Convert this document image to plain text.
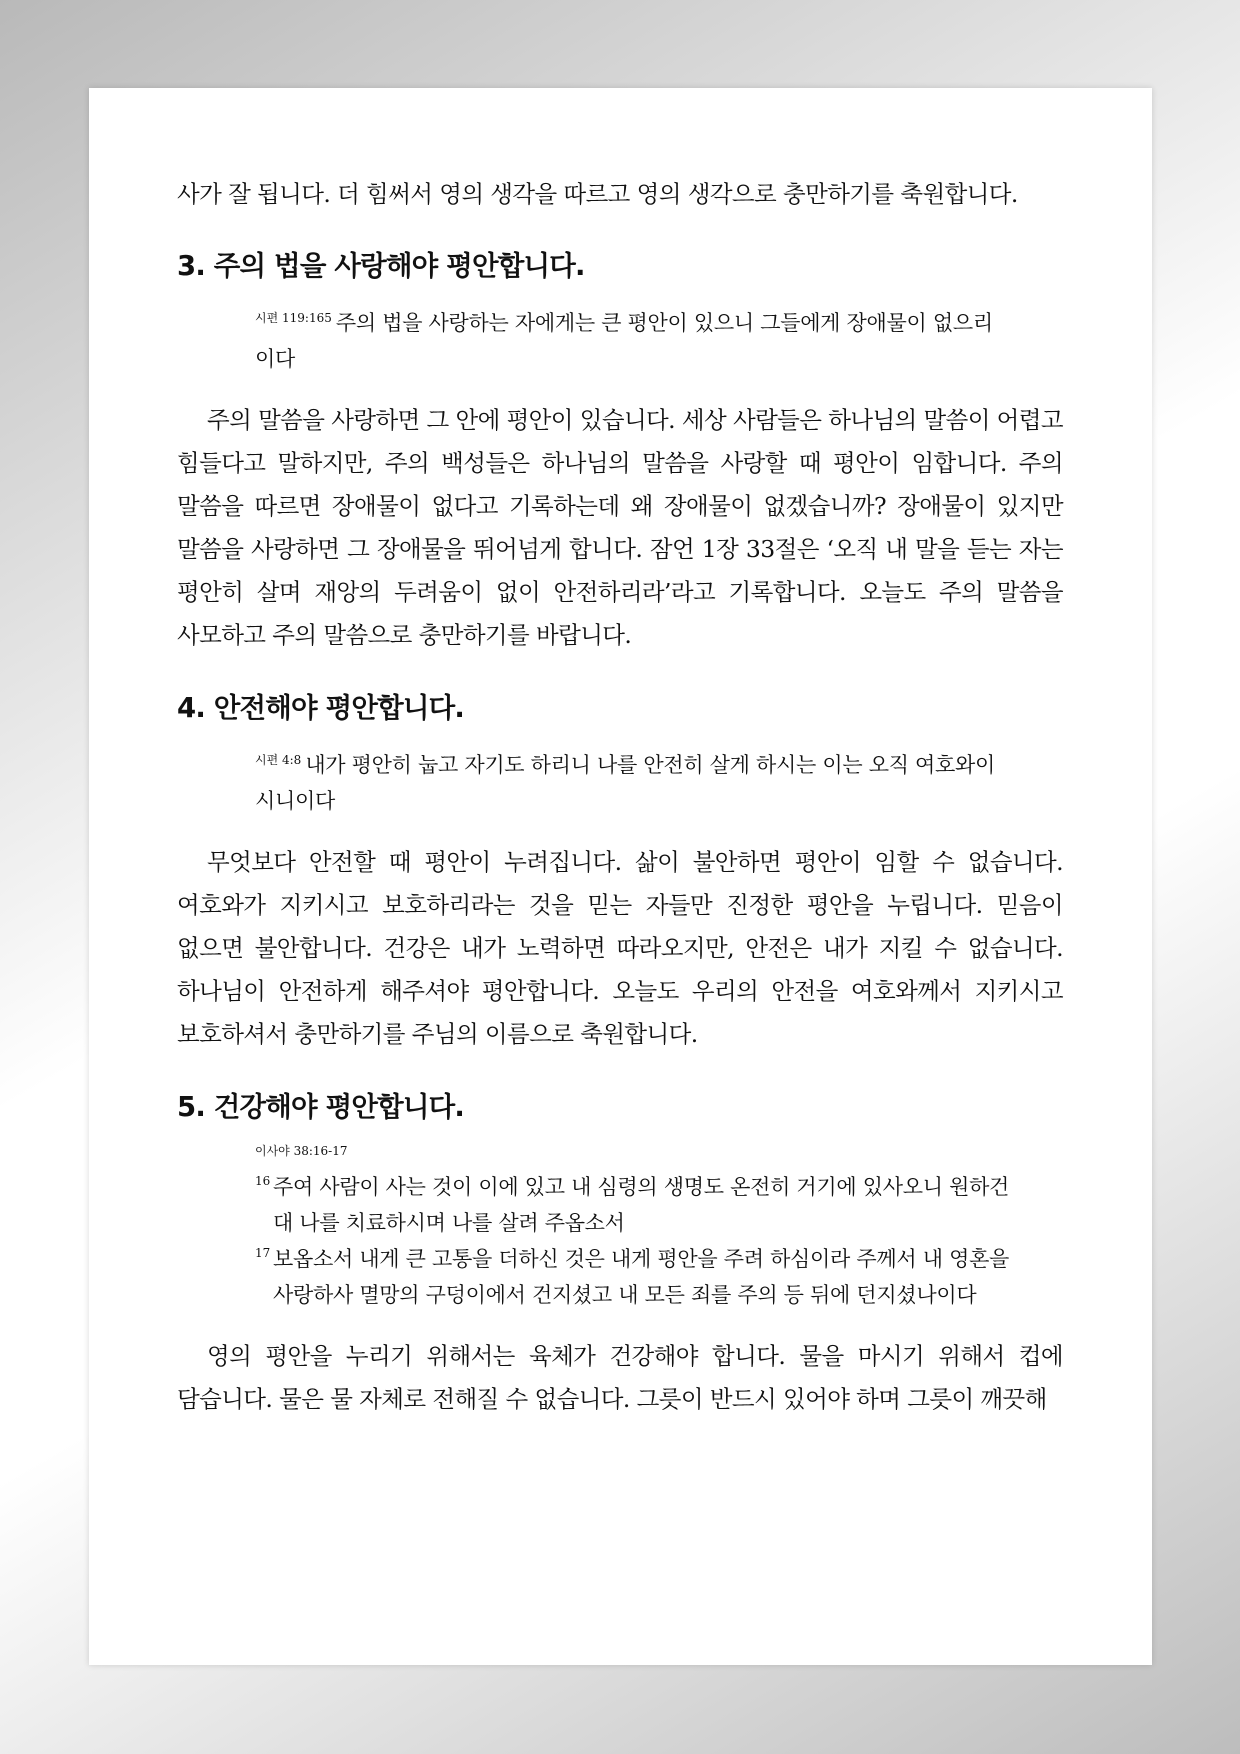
사가 잘 됩니다. 더 힘써서 영의 생각을 따르고 영의 생각으로 충만하기를 축원합니다.

3. 주의 법을 사랑해야 평안합니다.

$^{시편 119:165}$ 주의 법을 사랑하는 자에게는 큰 평안이 있으니 그들에게 장애물이 없으리이다

주의 말씀을 사랑하면 그 안에 평안이 있습니다. 세상 사람들은 하나님의 말씀이 어렵고 힘들다고 말하지만, 주의 백성들은 하나님의 말씀을 사랑할 때 평안이 임합니다. 주의 말씀을 따르면 장애물이 없다고 기록하는데 왜 장애물이 없겠습니까? 장애물이 있지만 말씀을 사랑하면 그 장애물을 뛰어넘게 합니다. 잠언 1장 33절은 ‘오직 내 말을 듣는 자는 평안히 살며 재앙의 두려움이 없이 안전하리라’라고 기록합니다. 오늘도 주의 말씀을 사모하고 주의 말씀으로 충만하기를 바랍니다.

4. 안전해야 평안합니다.

$^{시편 4:8}$ 내가 평안히 눕고 자기도 하리니 나를 안전히 살게 하시는 이는 오직 여호와이시니이다

무엇보다 안전할 때 평안이 누려집니다. 삶이 불안하면 평안이 임할 수 없습니다. 여호와가 지키시고 보호하리라는 것을 믿는 자들만 진정한 평안을 누립니다. 믿음이 없으면 불안합니다. 건강은 내가 노력하면 따라오지만, 안전은 내가 지킬 수 없습니다. 하나님이 안전하게 해주셔야 평안합니다. 오늘도 우리의 안전을 여호와께서 지키시고 보호하셔서 충만하기를 주님의 이름으로 축원합니다.

5. 건강해야 평안합니다.
이사야 38:16-17
16 주여 사람이 사는 것이 이에 있고 내 심령의 생명도 온전히 거기에 있사오니 원하건대 나를 치료하시며 나를 살려 주옵소서
17 보옵소서 내게 큰 고통을 더하신 것은 내게 평안을 주려 하심이라 주께서 내 영혼을 사랑하사 멸망의 구덩이에서 건지셨고 내 모든 죄를 주의 등 뒤에 던지셨나이다

영의 평안을 누리기 위해서는 육체가 건강해야 합니다. 물을 마시기 위해서 컵에 담습니다. 물은 물 자체로 전해질 수 없습니다. 그릇이 반드시 있어야 하며 그릇이 깨끗해
